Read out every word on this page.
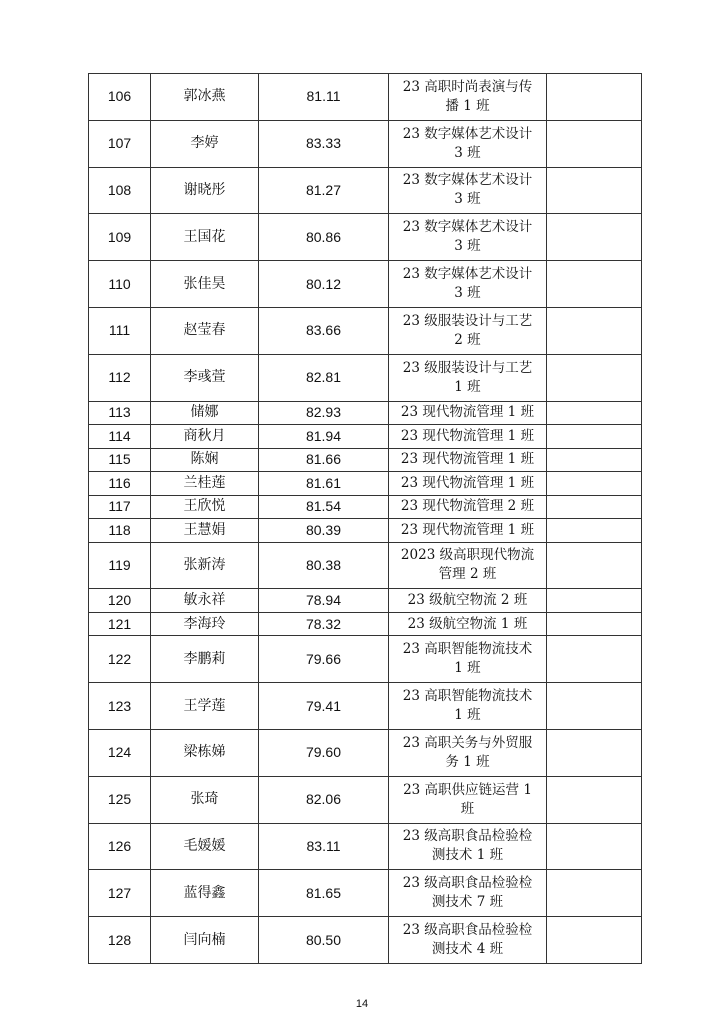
106	郭冰燕	81.11	23 高职时尚表演与传
播 1 班	
107	李婷	83.33	23 数字媒体艺术设计
3 班	
108	谢晓彤	81.27	23 数字媒体艺术设计
3 班	
109	王国花	80.86	23 数字媒体艺术设计
3 班	
110	张佳昊	80.12	23 数字媒体艺术设计
3 班	
111	赵莹春	83.66	23 级服装设计与工艺
2 班	
112	李彧萱	82.81	23 级服装设计与工艺
1 班	
113	储娜	82.93	23 现代物流管理 1 班	
114	商秋月	81.94	23 现代物流管理 1 班	
115	陈娴	81.66	23 现代物流管理 1 班	
116	兰桂莲	81.61	23 现代物流管理 1 班	
117	王欣悦	81.54	23 现代物流管理 2 班	
118	王慧娟	80.39	23 现代物流管理 1 班	
119	张新涛	80.38	2023 级高职现代物流
管理 2 班	
120	敏永祥	78.94	23 级航空物流 2 班	
121	李海玲	78.32	23 级航空物流 1 班	
122	李鹏莉	79.66	23 高职智能物流技术
1 班	
123	王学莲	79.41	23 高职智能物流技术
1 班	
124	梁栋娣	79.60	23 高职关务与外贸服
务 1 班	
125	张琦	82.06	23 高职供应链运营 1
班	
126	毛媛媛	83.11	23 级高职食品检验检
测技术 1 班	
127	蓝得鑫	81.65	23 级高职食品检验检
测技术 7 班	
128	闫向楠	80.50	23 级高职食品检验检
测技术 4 班	
14
